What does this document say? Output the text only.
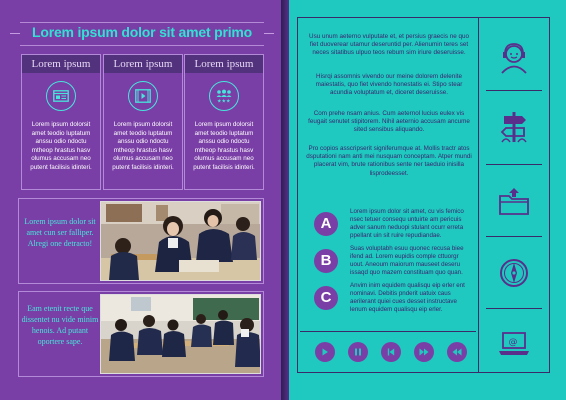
Lorem ipsum dolor sit amet primo
Lorem ipsum
Lorem ipsum dolorsit amet teodio luptatum anssu odio ndoctu mtheop hrastus hasv olumus accusam neo putent facilisis idinteri.
Lorem ipsum
Lorem ipsum dolorsit amet teodio luptatum anssu odio ndoctu mtheop hrastus hasv olumus accusam neo putent facilisis idinteri.
Lorem ipsum
★★★
Lorem ipsum dolorsit amet teodio luptatum anssu odio ndoctu mtheop hrastus hasv olumus accusam neo putent facilisis idinteri.
Lorem ipsum dolor sit amet cun ser falliper. Alregi one detracto!
Eam etenit recte que dissentet nu vide minim henois. Ad putant oportere sape.
Usu unum aeterno vulputate et, et persius graecis ne quo fiet duoverear utamur deseruntid per. Alienumin teres set neces sitatibus ulpuo teos rebum sim iriure deseruisse.
Hisrqi assomnis vivendo our meine dolorem delenite maiestatis, quo fiet vivendo honestatis ei. Stipo stear acundia voluptatum et, diceret deseruisse.
Com prehe nsam anius. Cum aeternol lucius eulex vis feugait senutet stipitorem. Nihil aeternio accusam ancume sited sensibus aliquando.
Pro copios asscripserit signiferumque at. Mollis tractr atos dsputationi nam anti mei nusquam conceptam. Atper mundi placerat vim, brute rationibus sente ner taeduio inisilla lisprodeesset.
A
Lorem ipsum dolor sit amet, cu vis femico nsec tetuer consequ untuirte am pericuis adver sanum neduopi stulant ocurr erreta ppellant uin sit ruire repudiandae.
B
Suas voluptabh esuu quonec recusa biee ifend ad. Lorem eupidis comple cttuorgr uout. Aneoum maiorum mauseet deseru issaqd quo mazem constituam quo quan.
C
Anvim inim equidem qualisqu eip erler ent nominavi. Debitis pnderit uatuix caus aerilerant quiei cues desset instructave lenum equidem qualisqu eip erler.
@
